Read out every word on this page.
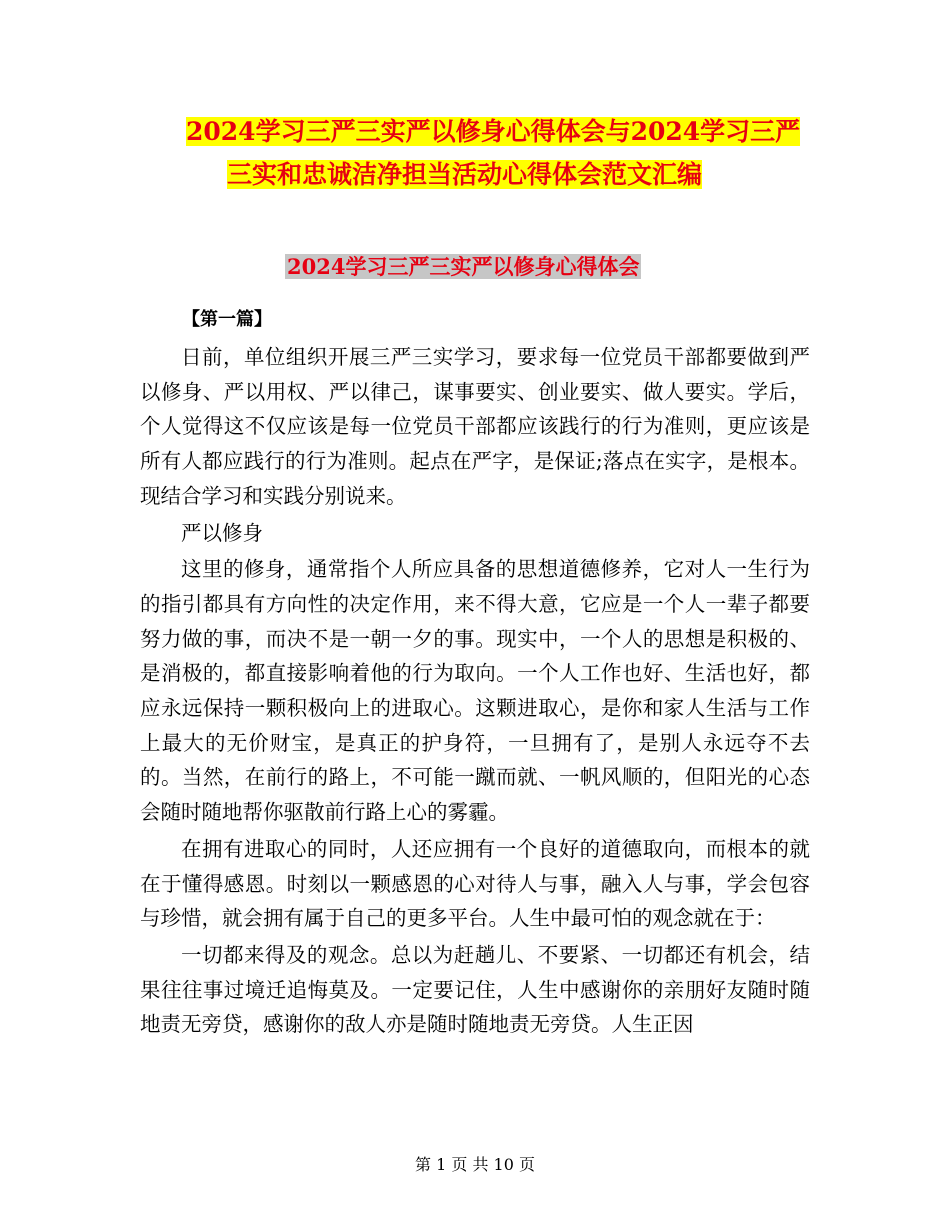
2024学习三严三实严以修身心得体会与2024学习三严
三实和忠诚洁净担当活动心得体会范文汇编
2024学习三严三实严以修身心得体会
【第一篇】

日前，单位组织开展三严三实学习，要求每一位党员干部都要做到严以修身、严以用权、严以律己，谋事要实、创业要实、做人要实。学后，个人觉得这不仅应该是每一位党员干部都应该践行的行为准则，更应该是所有人都应践行的行为准则。起点在严字，是保证;落点在实字，是根本。现结合学习和实践分别说来。

严以修身

这里的修身，通常指个人所应具备的思想道德修养，它对人一生行为的指引都具有方向性的决定作用，来不得大意，它应是一个人一辈子都要努力做的事，而决不是一朝一夕的事。现实中，一个人的思想是积极的、是消极的，都直接影响着他的行为取向。一个人工作也好、生活也好，都应永远保持一颗积极向上的进取心。这颗进取心，是你和家人生活与工作上最大的无价财宝，是真正的护身符，一旦拥有了，是别人永远夺不去的。当然，在前行的路上，不可能一蹴而就、一帆风顺的，但阳光的心态会随时随地帮你驱散前行路上心的雾霾。

在拥有进取心的同时，人还应拥有一个良好的道德取向，而根本的就在于懂得感恩。时刻以一颗感恩的心对待人与事，融入人与事，学会包容与珍惜，就会拥有属于自己的更多平台。人生中最可怕的观念就在于：

一切都来得及的观念。总以为赶趟儿、不要紧、一切都还有机会，结果往往事过境迁追悔莫及。一定要记住，人生中感谢你的亲朋好友随时随地责无旁贷，感谢你的敌人亦是随时随地责无旁贷。人生正因

第 1 页 共 10 页
